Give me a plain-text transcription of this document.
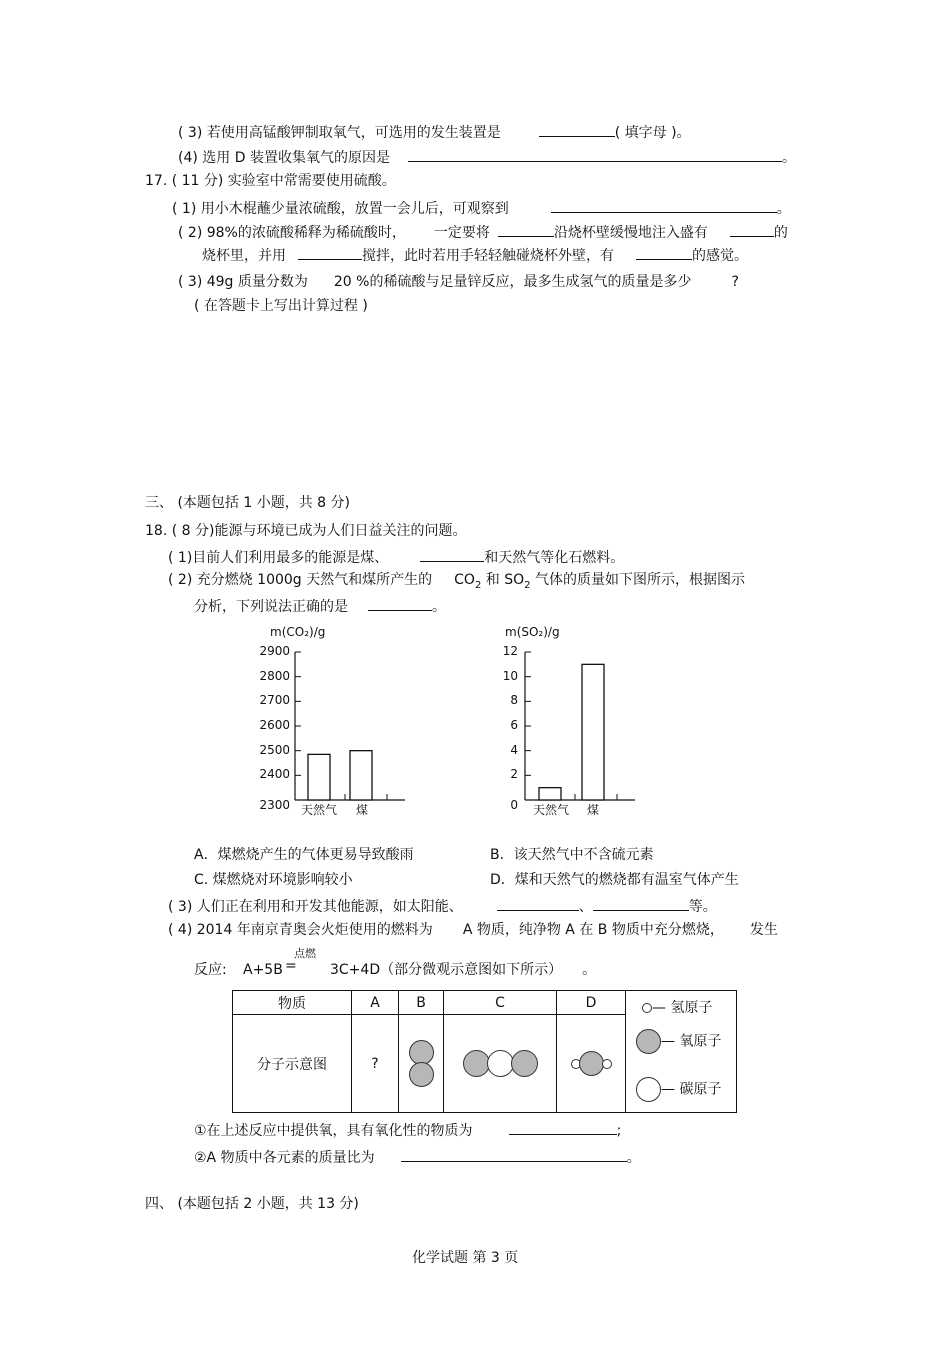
( 3) 若使用高锰酸钾制取氧气，可选用的发生装置是	( 填字母 )。
(4) 选用 D 装置收集氧气的原因是	。
17. ( 11 分) 实验室中常需要使用硫酸。
( 1) 用小木棍蘸少量浓硫酸，放置一会儿后，可观察到	。
( 2) 98%的浓硫酸稀释为稀硫酸时， 一定要将	沿烧杯壁缓慢地注入盛有	的
烧杯里，并用	搅拌，此时若用手轻轻触碰烧杯外壁，有	的感觉。
( 3) 49g 质量分数为 20 %的稀硫酸与足量锌反应，最多生成氢气的质量是多少	?
( 在答题卡上写出计算过程 )
三、 (本题包括 1 小题，共 8 分)
18. ( 8 分)能源与环境已成为人们日益关注的问题。
( 1)目前人们利用最多的能源是煤、	和天然气等化石燃料。
( 2) 充分燃烧 1000g 天然气和煤所产生的 $CO_2$ 和 $SO_2$ 气体的质量如下图所示，根据图示
分析，下列说法正确的是	。
m(CO₂)/g	m(SO₂)/g
2900
2800
2700
2600
2500
2400
2300 天然气 煤
12
10
8
6
4
2
0 天然气 煤
A．煤燃烧产生的气体更易导致酸雨	B．该天然气中不含硫元素
C. 煤燃烧对环境影响较小	D．煤和天然气的燃烧都有温室气体产生
( 3) 人们正在利用和开发其他能源，如太阳能、	、	等。
( 4) 2014 年南京青奥会火炬使用的燃料为 A 物质，纯净物 A 在 B 物质中充分燃烧， 发生
反应: A+5B
点燃
= 3C+4D（部分微观示意图如下所示） 。
物质	A	B	C	D	— 氢原子
— 氧原子
— 碳原子

分子示意图	?		

①在上述反应中提供氧，具有氧化性的物质为	;
②A 物质中各元素的质量比为	。
四、 (本题包括 2 小题，共 13 分)
化学试题 第 3 页
